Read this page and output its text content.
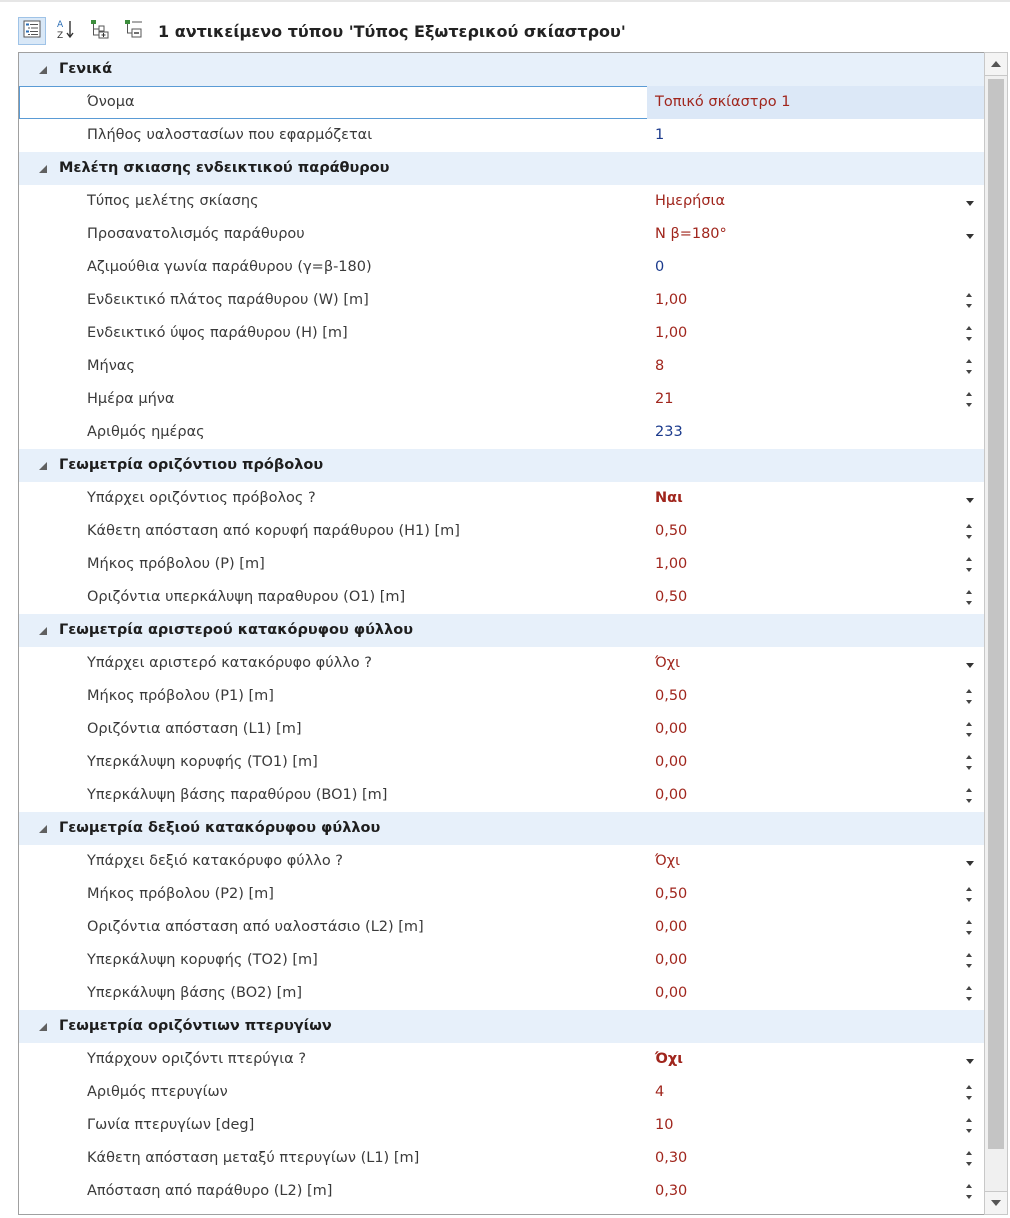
A
Z	1 αντικείμενο τύπου 'Τύπος Εξωτερικού σκίαστρου'
Γενικά
Όνομα	Τοπικό σκίαστρο 1
Πλήθος υαλοστασίων που εφαρμόζεται	1
Μελέτη σκιασης ενδεικτικού παράθυρου
Τύπος μελέτης σκίασης	Ημερήσια
Προσανατολισμός παράθυρου	N β=180°
Αζιμούθια γωνία παράθυρου (γ=β-180)	0
Ενδεικτικό πλάτος παράθυρου (W) [m]	1,00
Ενδεικτικό ύψος παράθυρου (H) [m]	1,00
Μήνας	8
Ημέρα μήνα	21
Αριθμός ημέρας	233
Γεωμετρία οριζόντιου πρόβολου
Υπάρχει οριζόντιος πρόβολος ?	Ναι
Κάθετη απόσταση από κορυφή παράθυρου (H1) [m]	0,50
Μήκος πρόβολου (P) [m]	1,00
Οριζόντια υπερκάλυψη παραθυρου (O1) [m]	0,50
Γεωμετρία αριστερού κατακόρυφου φύλλου
Υπάρχει αριστερό κατακόρυφο φύλλο ?	Όχι
Μήκος πρόβολου (P1) [m]	0,50
Οριζόντια απόσταση (L1) [m]	0,00
Υπερκάλυψη κορυφής (TO1) [m]	0,00
Υπερκάλυψη βάσης παραθύρου (BO1) [m]	0,00
Γεωμετρία δεξιού κατακόρυφου φύλλου
Υπάρχει δεξιό κατακόρυφο φύλλο ?	Όχι
Μήκος πρόβολου (P2) [m]	0,50
Οριζόντια απόσταση από υαλοστάσιο (L2) [m]	0,00
Υπερκάλυψη κορυφής (TO2) [m]	0,00
Υπερκάλυψη βάσης (BO2) [m]	0,00
Γεωμετρία οριζόντιων πτερυγίων
Υπάρχουν οριζόντι πτερύγια ?	Όχι
Αριθμός πτερυγίων	4
Γωνία πτερυγίων [deg]	10
Κάθετη απόσταση μεταξύ πτερυγίων (L1) [m]	0,30
Απόσταση από παράθυρο (L2) [m]	0,30
